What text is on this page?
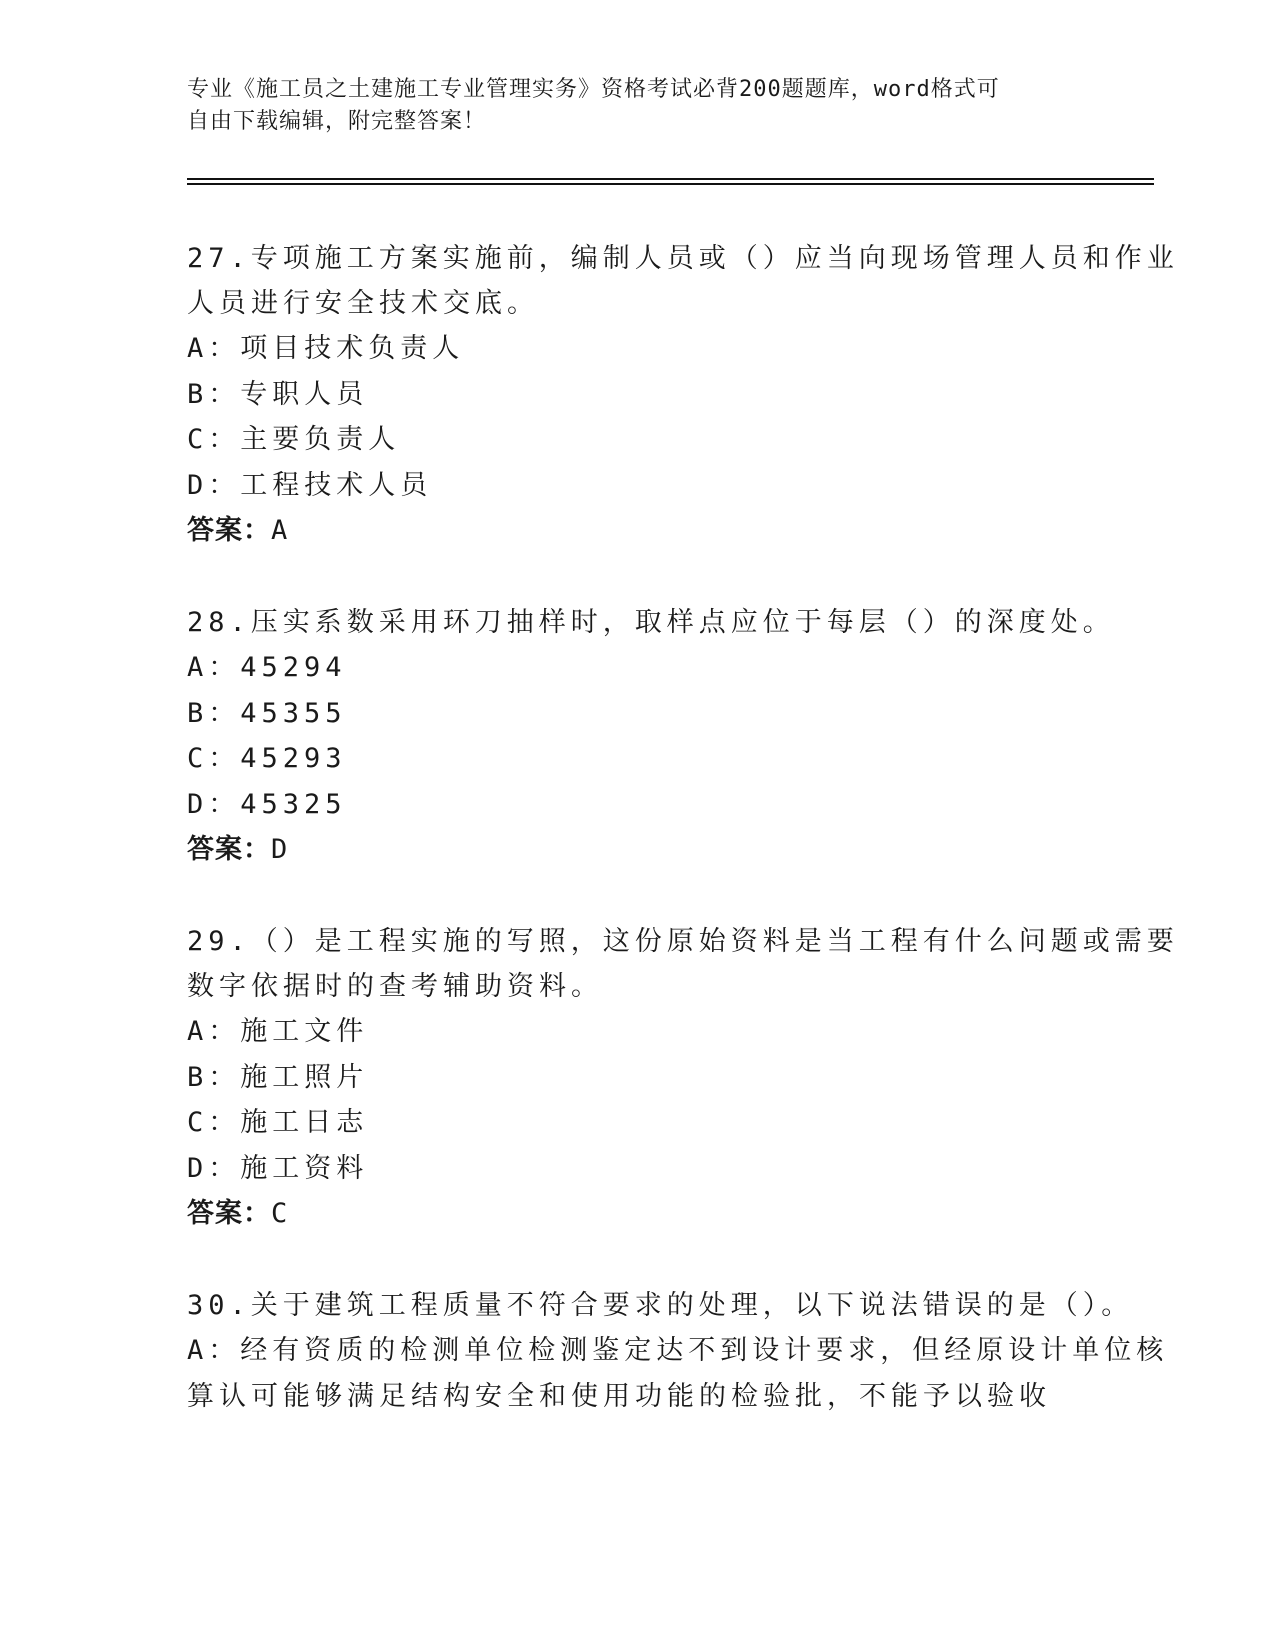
专业《施工员之土建施工专业管理实务》资格考试必背200题题库，word格式可
自由下载编辑，附完整答案！
27.专项施工方案实施前，编制人员或（）应当向现场管理人员和作业
人员进行安全技术交底。
A：项目技术负责人
B：专职人员
C：主要负责人
D：工程技术人员
答案：A
28.压实系数采用环刀抽样时，取样点应位于每层（）的深度处。
A：45294
B：45355
C：45293
D：45325
答案：D
29.（）是工程实施的写照，这份原始资料是当工程有什么问题或需要
数字依据时的查考辅助资料。
A：施工文件
B：施工照片
C：施工日志
D：施工资料
答案：C
30.关于建筑工程质量不符合要求的处理，以下说法错误的是（）。
A：经有资质的检测单位检测鉴定达不到设计要求，但经原设计单位核
算认可能够满足结构安全和使用功能的检验批，不能予以验收
